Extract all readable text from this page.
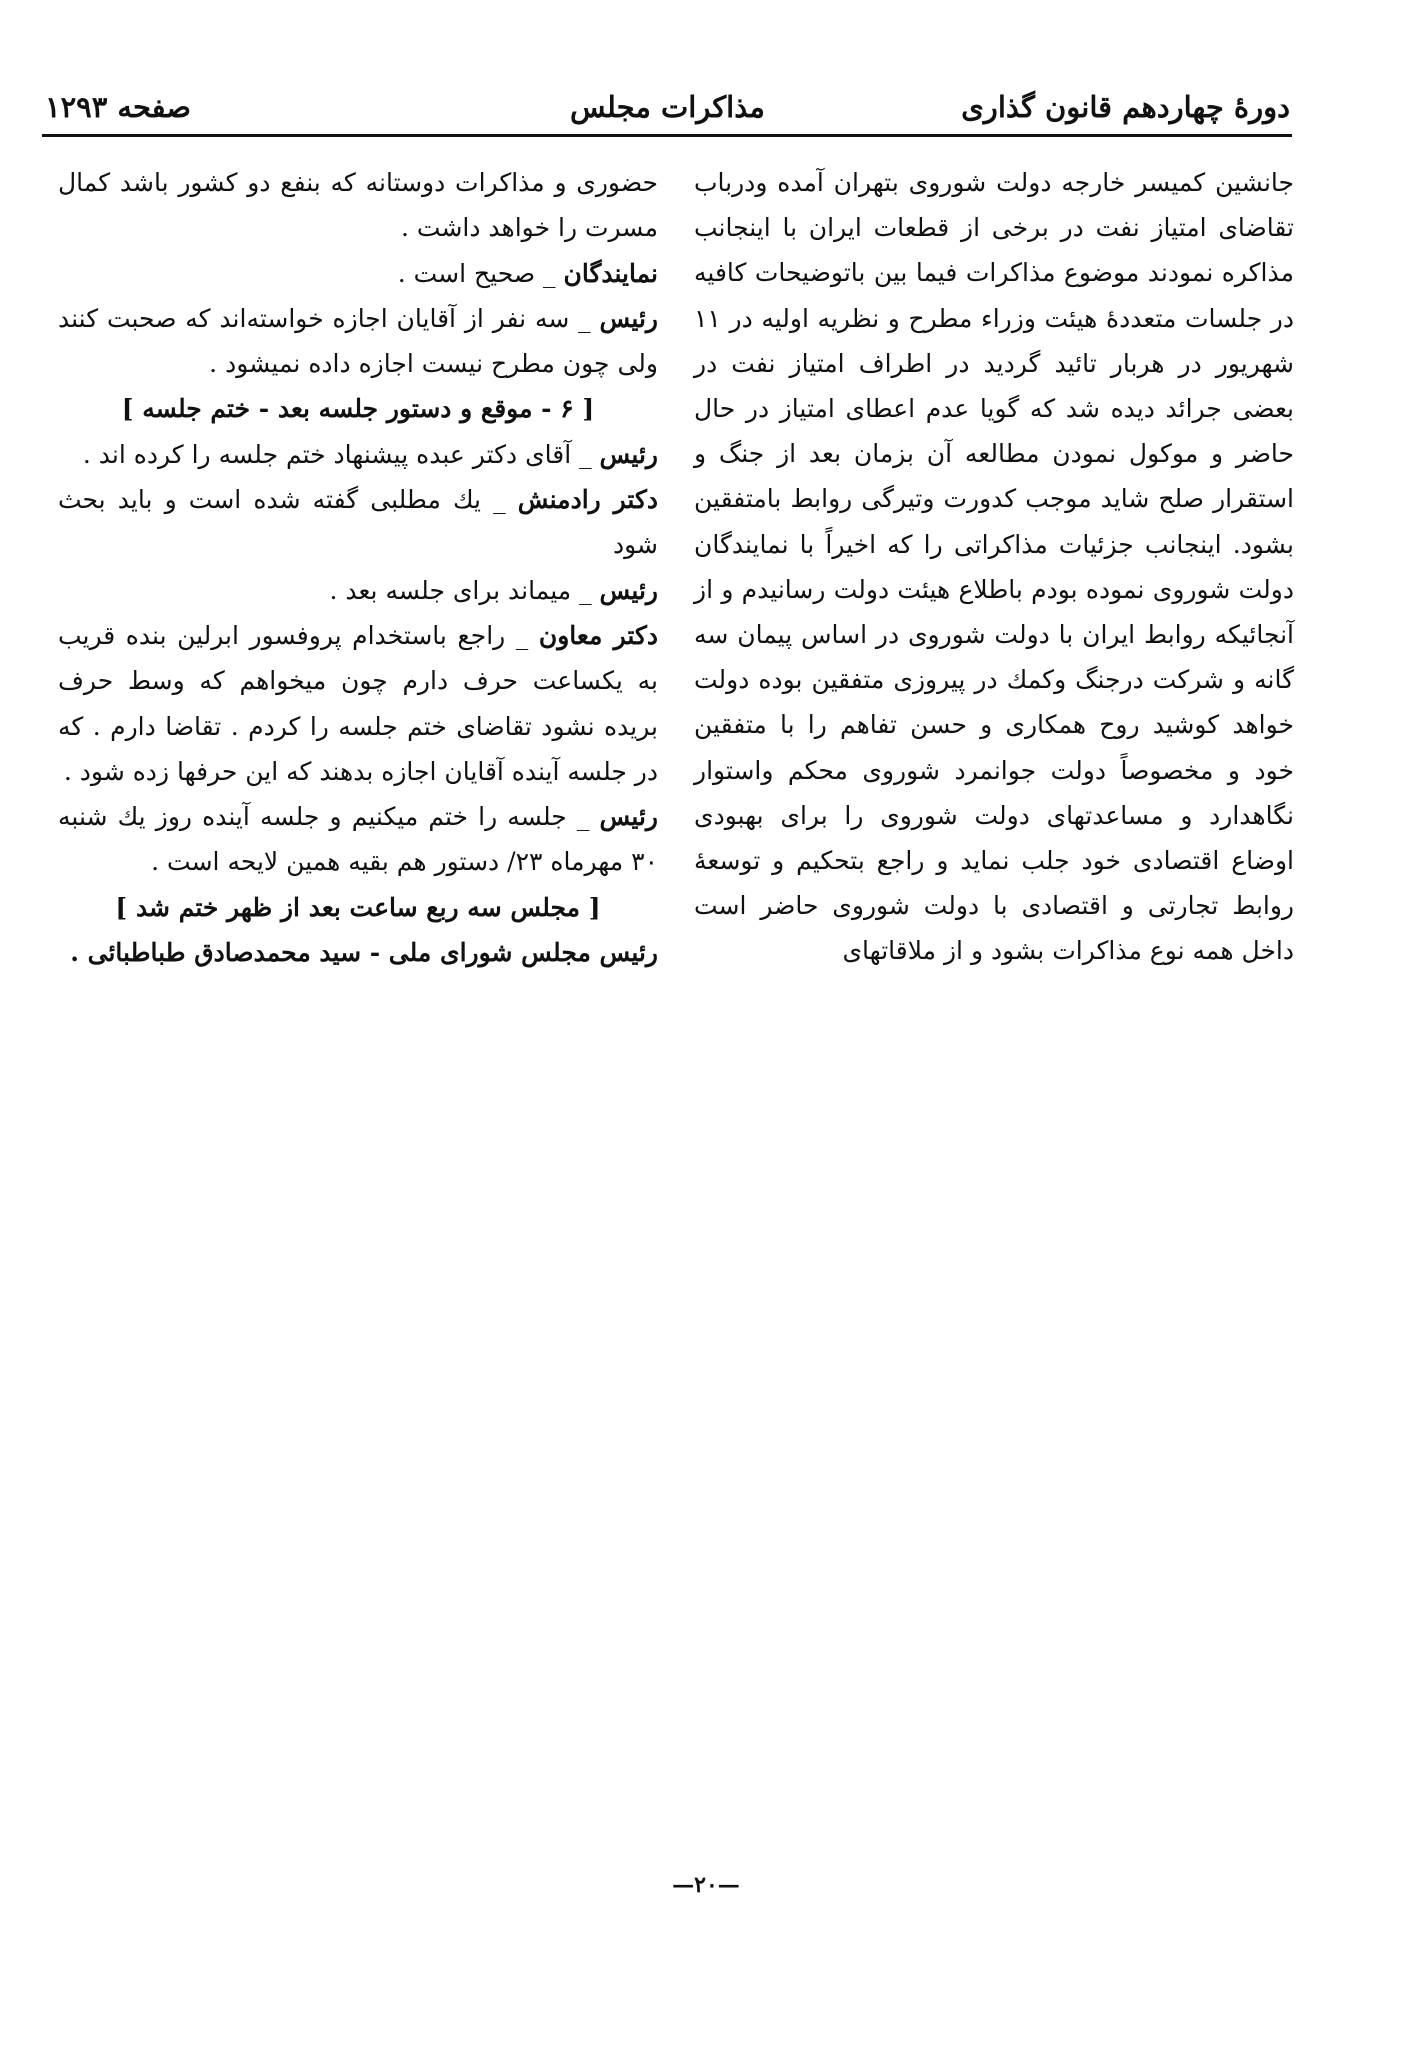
دورهٔ چهاردهم قانون گذاری
مذاکرات مجلس
صفحه ۱۲۹۳

جانشین کمیسر خارجه دولت شوروی بتهران آمده ودرباب تقاضای امتیاز نفت در برخی از قطعات ایران با اینجانب مذاکره نمودند موضوع مذاکرات فیما بین باتوضیحات کافیه در جلسات متعددهٔ هیئت وزراء مطرح و نظریه اولیه در ۱۱ شهریور در هربار تائید گردید در اطراف امتیاز نفت در بعضی جرائد دیده شد که گویا عدم اعطای امتیاز در حال حاضر و موکول نمودن مطالعه آن بزمان بعد از جنگ و استقرار صلح شاید موجب کدورت وتیرگی روابط بامتفقین بشود. اینجانب جزئیات مذاکراتی را که اخیراً با نمایندگان دولت شوروی نموده بودم باطلاع هیئت دولت رسانیدم و از آنجائیکه روابط ایران با دولت شوروی در اساس پیمان سه گانه و شرکت درجنگ وکمك در پیروزی متفقین بوده دولت خواهد کوشید روح همکاری و حسن تفاهم را با متفقین خود و مخصوصاً دولت جوانمرد شوروی محکم واستوار نگاهدارد و مساعدتهای دولت شوروی را برای بهبودی اوضاع اقتصادی خود جلب نماید و راجع بتحکیم و توسعهٔ روابط تجارتی و اقتصادی با دولت شوروی حاضر است داخل همه نوع مذاکرات بشود و از ملاقاتهای

حضوری و مذاکرات دوستانه که بنفع دو کشور باشد کمال مسرت را خواهد داشت .

نمایندگان _ صحیح است .

رئیس _ سه نفر از آقایان اجازه خواسته‌اند که صحبت کنند ولی چون مطرح نیست اجازه داده نمیشود .

[ ۶ - موقع و دستور جلسه بعد - ختم جلسه ]

رئیس _ آقای دکتر عبده پیشنهاد ختم جلسه را کرده اند .

دکتر رادمنش _ یك مطلبی گفته شده است و باید بحث شود

رئیس _ میماند برای جلسه بعد .

دکتر معاون _ راجع باستخدام پروفسور ابرلین بنده قریب به یکساعت حرف دارم چون میخواهم که وسط حرف بریده نشود تقاضای ختم جلسه را کردم . تقاضا دارم . که در جلسه آینده آقایان اجازه بدهند که این حرفها زده شود .

رئیس _ جلسه را ختم میکنیم و جلسه آینده روز یك شنبه ۳۰ مهرماه ۲۳/ دستور هم بقیه همین لایحه است .

[ مجلس سه ربع ساعت بعد از ظهر ختم شد ]

رئیس مجلس شورای ملی - سید محمدصادق طباطبائی .

—۲۰—
